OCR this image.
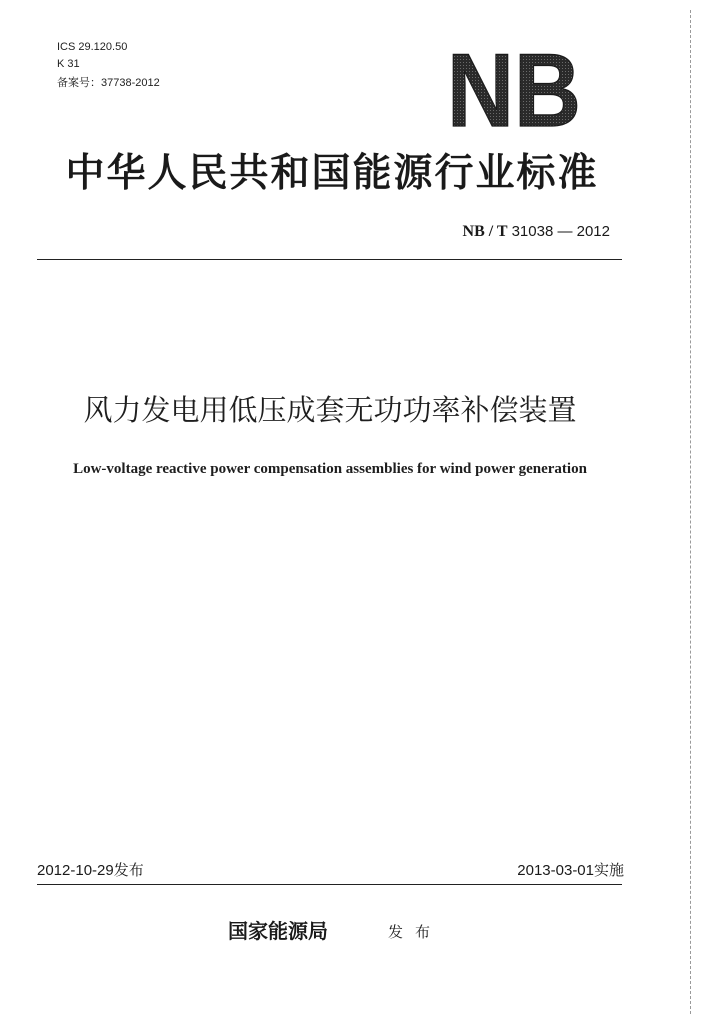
ICS 29.120.50
K 31
备案号：37738-2012	NB
中华人民共和国能源行业标准
NB / T 31038 — 2012
风力发电用低压成套无功功率补偿装置
Low-voltage reactive power compensation assemblies for wind power generation
2012-10-29发布	2013-03-01实施
国家能源局	发布
